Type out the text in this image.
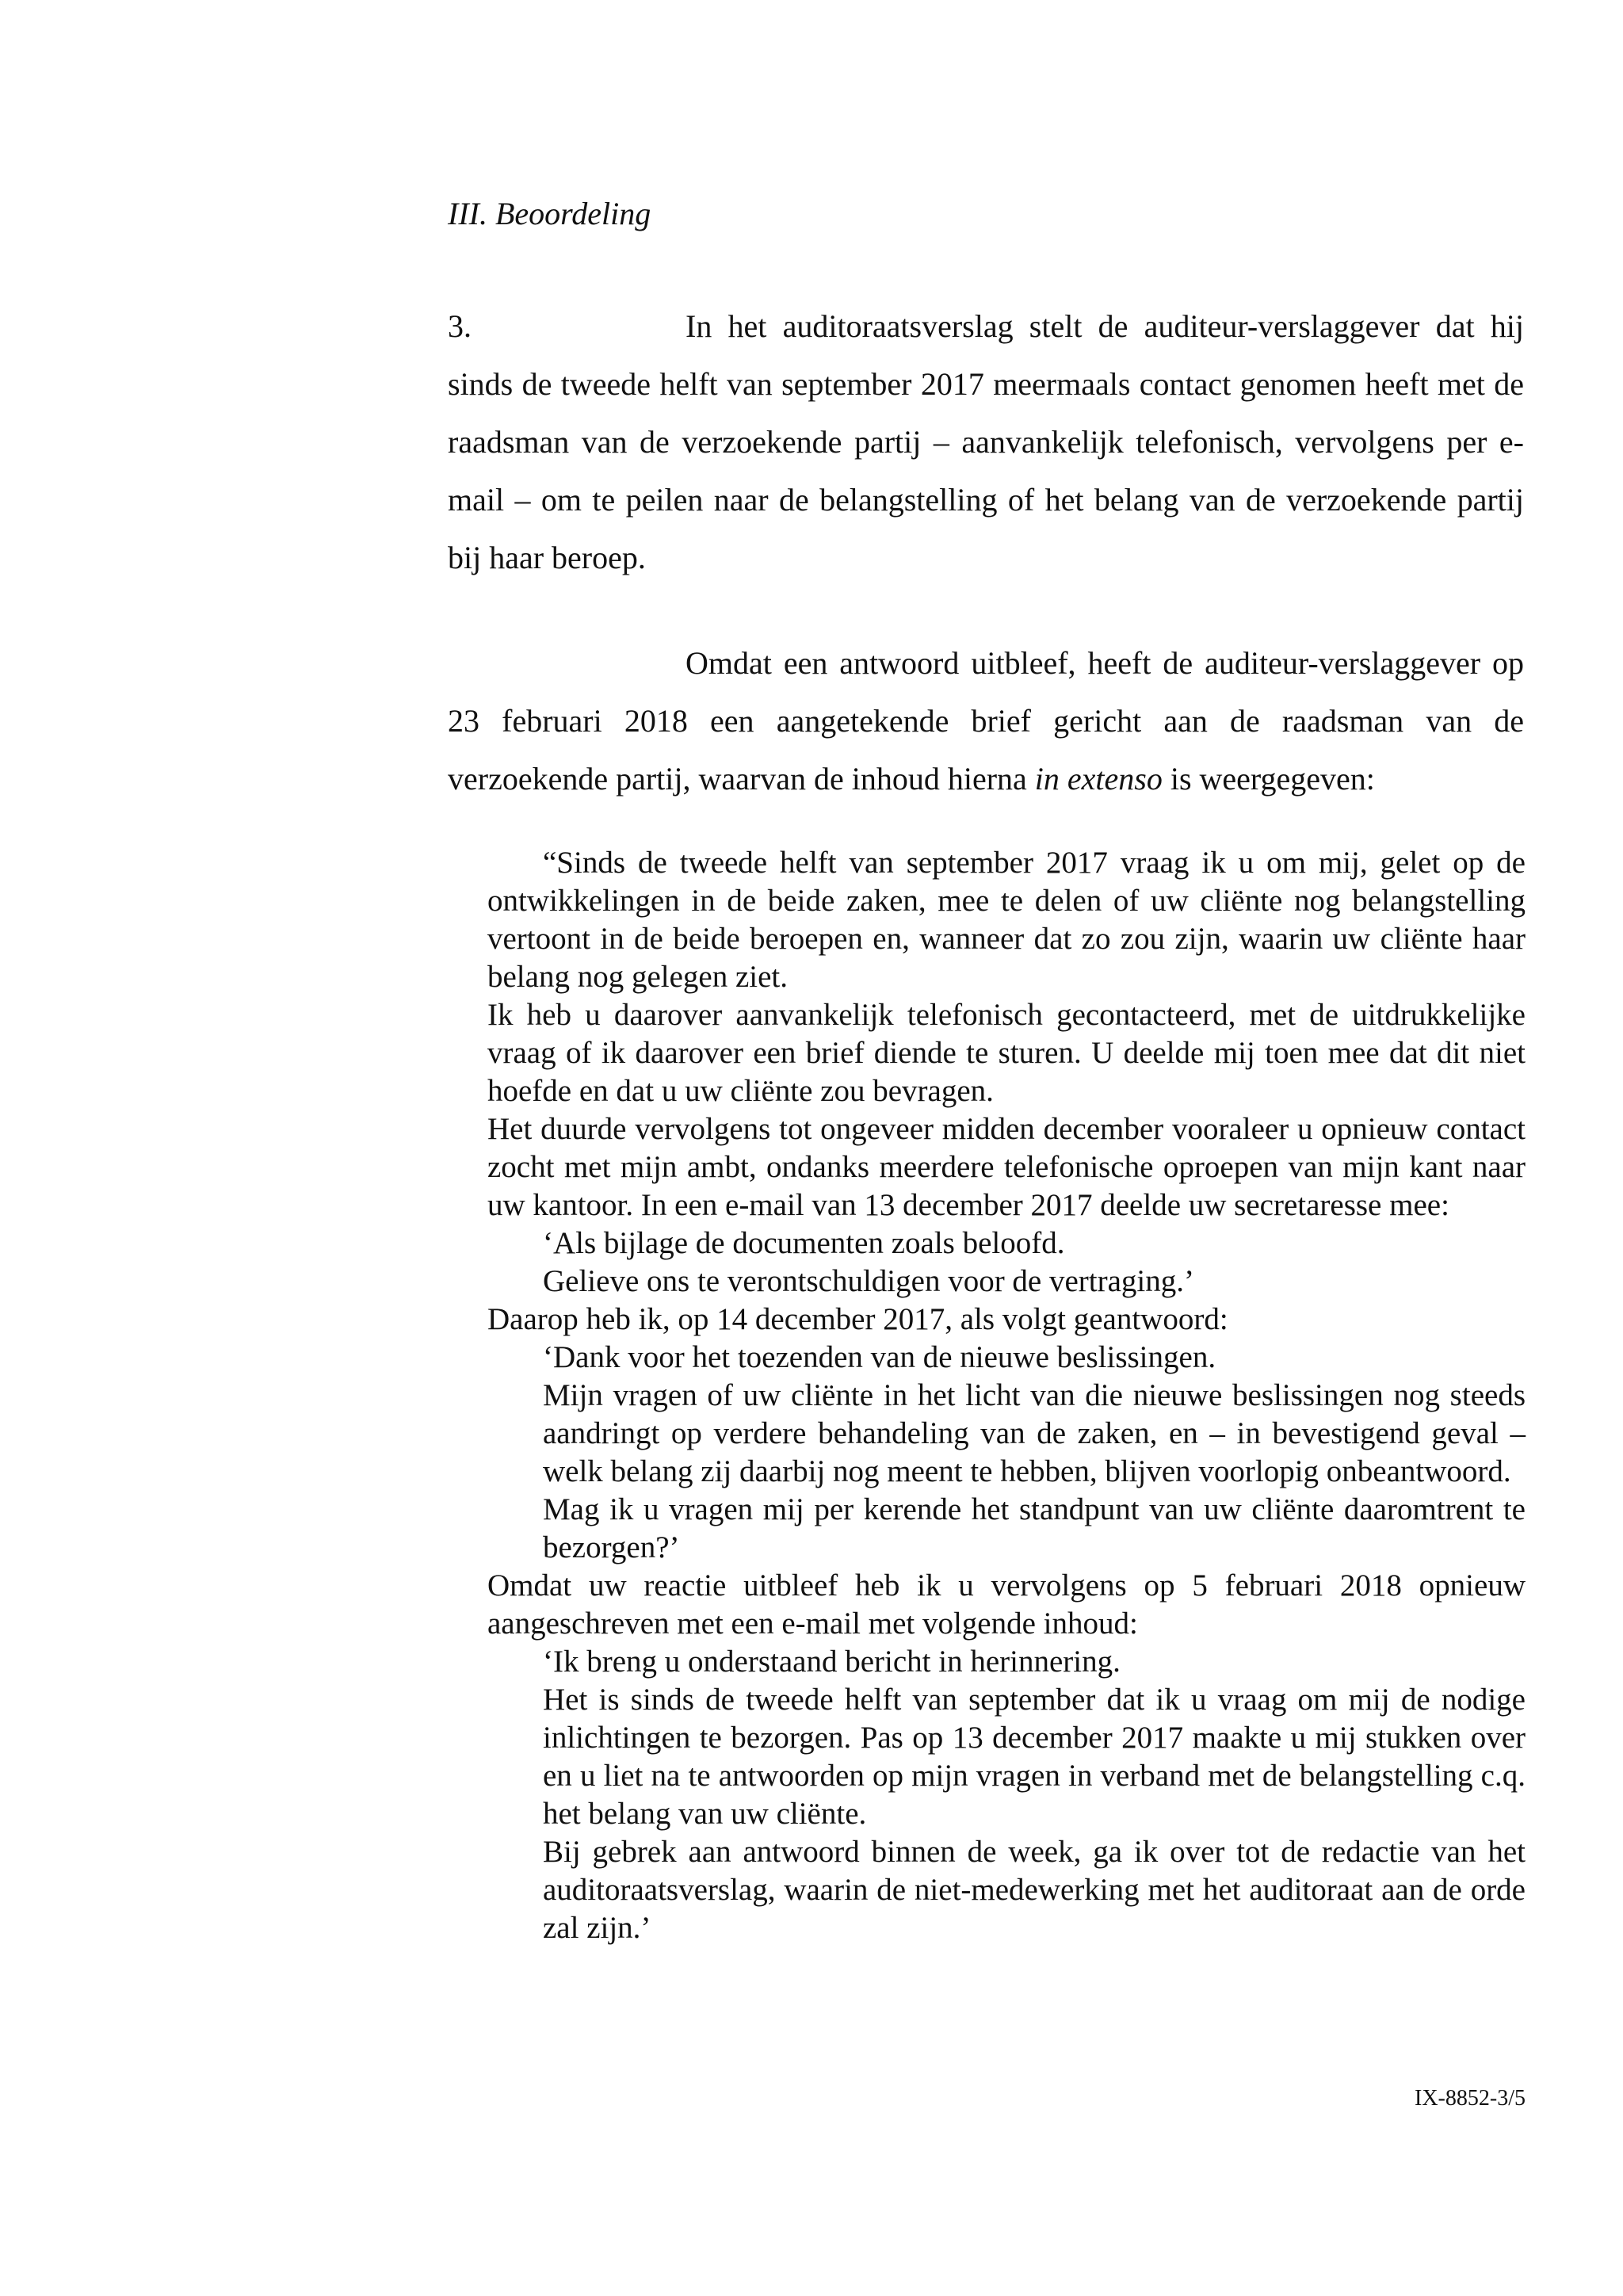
III. Beoordeling

3.	In het auditoraatsverslag stelt de auditeur-verslaggever dat hij sinds de tweede helft van september 2017 meermaals contact genomen heeft met de raadsman van de verzoekende partij – aanvankelijk telefonisch, vervolgens per e-mail – om te peilen naar de belangstelling of het belang van de verzoekende partij bij haar beroep.

Omdat een antwoord uitbleef, heeft de auditeur-verslaggever op 23 februari 2018 een aangetekende brief gericht aan de raadsman van de verzoekende partij, waarvan de inhoud hierna in extenso is weergegeven:

“Sinds de tweede helft van september 2017 vraag ik u om mij, gelet op de ontwikkelingen in de beide zaken, mee te delen of uw cliënte nog belangstelling vertoont in de beide beroepen en, wanneer dat zo zou zijn, waarin uw cliënte haar belang nog gelegen ziet.

Ik heb u daarover aanvankelijk telefonisch gecontacteerd, met de uitdrukkelijke vraag of ik daarover een brief diende te sturen. U deelde mij toen mee dat dit niet hoefde en dat u uw cliënte zou bevragen.

Het duurde vervolgens tot ongeveer midden december vooraleer u opnieuw contact zocht met mijn ambt, ondanks meerdere telefonische oproepen van mijn kant naar uw kantoor. In een e-mail van 13 december 2017 deelde uw secretaresse mee:

‘Als bijlage de documenten zoals beloofd.

Gelieve ons te verontschuldigen voor de vertraging.’

Daarop heb ik, op 14 december 2017, als volgt geantwoord:

‘Dank voor het toezenden van de nieuwe beslissingen.

Mijn vragen of uw cliënte in het licht van die nieuwe beslissingen nog steeds aandringt op verdere behandeling van de zaken, en – in bevestigend geval – welk belang zij daarbij nog meent te hebben, blijven voorlopig onbeantwoord.

Mag ik u vragen mij per kerende het standpunt van uw cliënte daaromtrent te bezorgen?’

Omdat uw reactie uitbleef heb ik u vervolgens op 5 februari 2018 opnieuw aangeschreven met een e-mail met volgende inhoud:

‘Ik breng u onderstaand bericht in herinnering.

Het is sinds de tweede helft van september dat ik u vraag om mij de nodige inlichtingen te bezorgen. Pas op 13 december 2017 maakte u mij stukken over en u liet na te antwoorden op mijn vragen in verband met de belangstelling c.q. het belang van uw cliënte.

Bij gebrek aan antwoord binnen de week, ga ik over tot de redactie van het auditoraatsverslag, waarin de niet-medewerking met het auditoraat aan de orde zal zijn.’

IX-8852-3/5
